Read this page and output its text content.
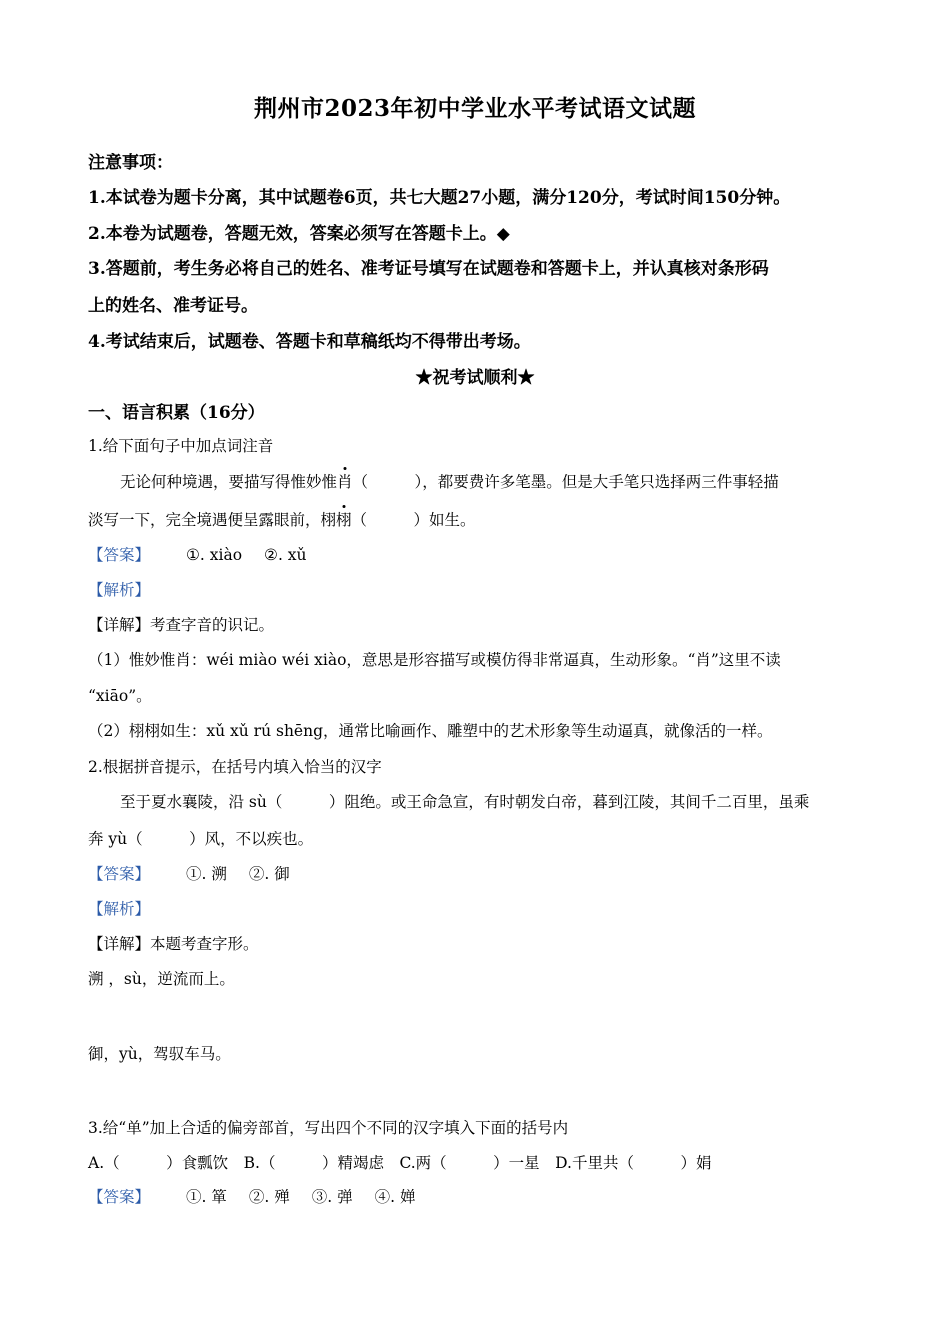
荆州市2023年初中学业水平考试语文试题
注意事项：
1.本试卷为题卡分离，其中试题卷6页，共七大题27小题，满分120分，考试时间150分钟。
2.本卷为试题卷，答题无效，答案必须写在答题卡上。◆
3.答题前，考生务必将自己的姓名、准考证号填写在试题卷和答题卡上，并认真核对条形码
上的姓名、准考证号。
4.考试结束后，试题卷、答题卡和草稿纸均不得带出考场。
★祝考试顺利★
一、语言积累（16分）
1.给下面句子中加点词注音
无论何种境遇，要描写得惟妙惟肖（　　　），都要费许多笔墨。但是大手笔只选择两三件事轻描
淡写一下，完全境遇便呈露眼前，栩栩（　　　）如生。
【答案】 ①. xiào ②. xǔ
【解析】
【详解】考查字音的识记。
（1）惟妙惟肖：wéi miào wéi xiào，意思是形容描写或模仿得非常逼真，生动形象。“肖”这里不读
“xiāo”。
（2）栩栩如生：xǔ xǔ rú shēng，通常比喻画作、雕塑中的艺术形象等生动逼真，就像活的一样。
2.根据拼音提示，在括号内填入恰当的汉字
至于夏水襄陵，沿 sù（　　　）阻绝。或王命急宣，有时朝发白帝，暮到江陵，其间千二百里，虽乘
奔 yù（　　　）风，不以疾也。
【答案】 ①. 溯 ②. 御
【解析】
【详解】本题考查字形。
溯 ，sù，逆流而上。
御，yù，驾驭车马。
3.给“单”加上合适的偏旁部首，写出四个不同的汉字填入下面的括号内
A.（　　　）食瓢饮　B.（　　　）精竭虑　C.两（　　　）一星　D.千里共（　　　）娟
【答案】 ①. 箪 ②. 殚 ③. 弹 ④. 婵
